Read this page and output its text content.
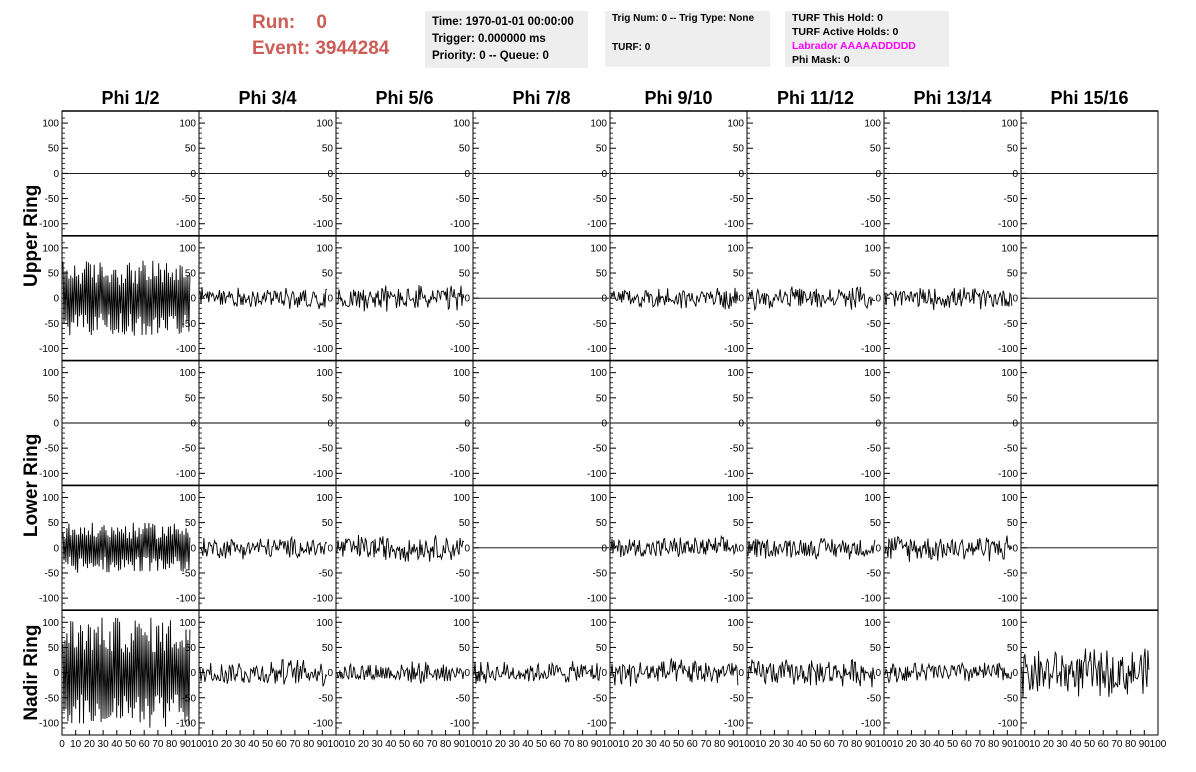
Run: 0
Event: 3944284
Time: 1970-01-01 00:00:00
Trigger: 0.000000 ms
Priority: 0 -- Queue: 0
Trig Num: 0 -- Trig Type: None
TURF: 0
TURF This Hold: 0
TURF Active Holds: 0
Labrador AAAAADDDDD
Phi Mask: 0
Phi 1/2	Phi 3/4	Phi 5/6	Phi 7/8	Phi 9/10	Phi 11/12	Phi 13/14	Phi 15/16
Upper Ring
Lower Ring
Nadir Ring
-100
-50
0
50
100
-100
-50
0
50
100
-100
-50
0
50
100
-100
-50
0
50
100
-100
-50
0
50
100
-100
-50
0
50
100
-100
-50
0
50
100
-100
-50
0
50
100
-100
-50
0
50
100
-100
-50
0
50
100
-100
-50
0
50
100
-100
-50
0
50
100
-100
-50
0
50
100
-100
-50
0
50
100
-100
-50
0
50
100
-100
-50
0
50
100
-100
-50
0
50
100
-100
-50
0
50
100
-100
-50
0
50
100
-100
-50
0
50
100
-100
-50
0
50
100
-100
-50
0
50
100
-100
-50
0
50
100
-100
-50
0
50
100
-100
-50
0
50
100
-100
-50
0
50
100
-100
-50
0
50
100
-100
-50
0
50
100
-100
-50
0
50
100
-100
-50
0
50
100
-100
-50
0
50
100
-100
-50
0
50
100
-100
-50
0
50
100
-100
-50
0
50
100
-100
-50
0
50
100
-100
-50
0
50
100
-100
-50
0
50
100
-100
-50
0
50
100
-100
-50
0
50
100
-100
-50
0
50
100
0 10 20 30 40 50 60 70 80 90 100 10 20 30 40 50 60 70 80 90 100 10 20 30 40 50 60 70 80 90 100 10 20 30 40 50 60 70 80 90 100 10 20 30 40 50 60 70 80 90 100 10 20 30 40 50 60 70 80 90 100 10 20 30 40 50 60 70 80 90 100 10 20 30 40 50 60 70 80 90 100
